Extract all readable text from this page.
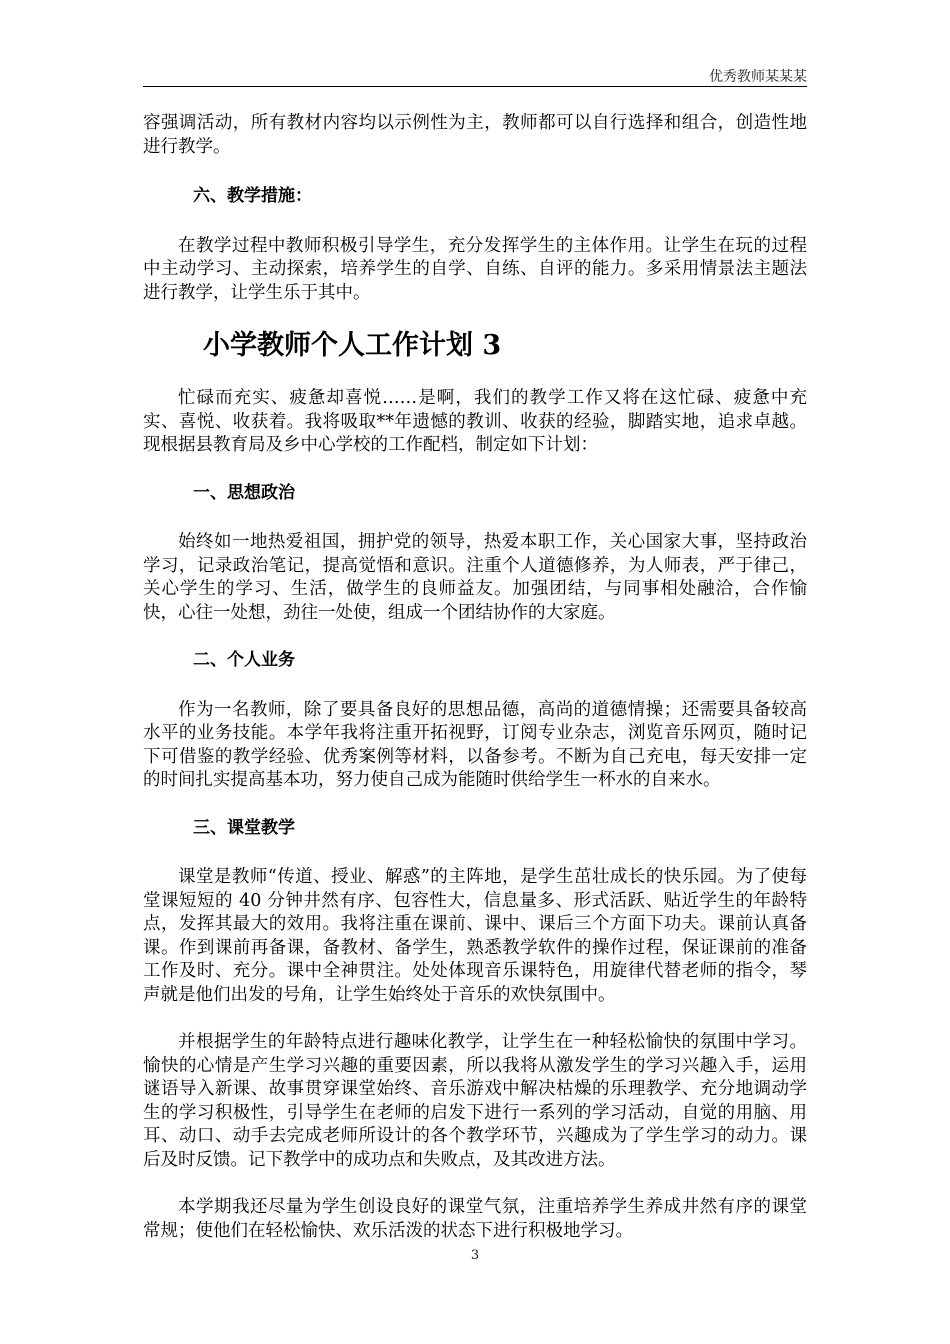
优秀教师某某某

容强调活动，所有教材内容均以示例性为主，教师都可以自行选择和组合，创造性地进行教学。

六、教学措施：

在教学过程中教师积极引导学生，充分发挥学生的主体作用。让学生在玩的过程中主动学习、主动探索，培养学生的自学、自练、自评的能力。多采用情景法主题法进行教学，让学生乐于其中。

小学教师个人工作计划 3

忙碌而充实、疲惫却喜悦……是啊，我们的教学工作又将在这忙碌、疲惫中充实、喜悦、收获着。我将吸取**年遗憾的教训、收获的经验，脚踏实地，追求卓越。现根据县教育局及乡中心学校的工作配档，制定如下计划：

一、思想政治

始终如一地热爱祖国，拥护党的领导，热爱本职工作，关心国家大事，坚持政治学习，记录政治笔记，提高觉悟和意识。注重个人道德修养，为人师表，严于律己，关心学生的学习、生活，做学生的良师益友。加强团结，与同事相处融洽，合作愉快，心往一处想，劲往一处使，组成一个团结协作的大家庭。

二、个人业务

作为一名教师，除了要具备良好的思想品德，高尚的道德情操；还需要具备较高水平的业务技能。本学年我将注重开拓视野，订阅专业杂志，浏览音乐网页，随时记下可借鉴的教学经验、优秀案例等材料，以备参考。不断为自己充电，每天安排一定的时间扎实提高基本功，努力使自己成为能随时供给学生一杯水的自来水。

三、课堂教学

课堂是教师“传道、授业、解惑”的主阵地，是学生茁壮成长的快乐园。为了使每堂课短短的 40 分钟井然有序、包容性大，信息量多、形式活跃、贴近学生的年龄特点，发挥其最大的效用。我将注重在课前、课中、课后三个方面下功夫。课前认真备课。作到课前再备课，备教材、备学生，熟悉教学软件的操作过程，保证课前的准备工作及时、充分。课中全神贯注。处处体现音乐课特色，用旋律代替老师的指令，琴声就是他们出发的号角，让学生始终处于音乐的欢快氛围中。

并根据学生的年龄特点进行趣味化教学，让学生在一种轻松愉快的氛围中学习。愉快的心情是产生学习兴趣的重要因素，所以我将从激发学生的学习兴趣入手，运用谜语导入新课、故事贯穿课堂始终、音乐游戏中解决枯燥的乐理教学、充分地调动学生的学习积极性，引导学生在老师的启发下进行一系列的学习活动，自觉的用脑、用耳、动口、动手去完成老师所设计的各个教学环节，兴趣成为了学生学习的动力。课后及时反馈。记下教学中的成功点和失败点，及其改进方法。

本学期我还尽量为学生创设良好的课堂气氛，注重培养学生养成井然有序的课堂常规；使他们在轻松愉快、欢乐活泼的状态下进行积极地学习。

3
